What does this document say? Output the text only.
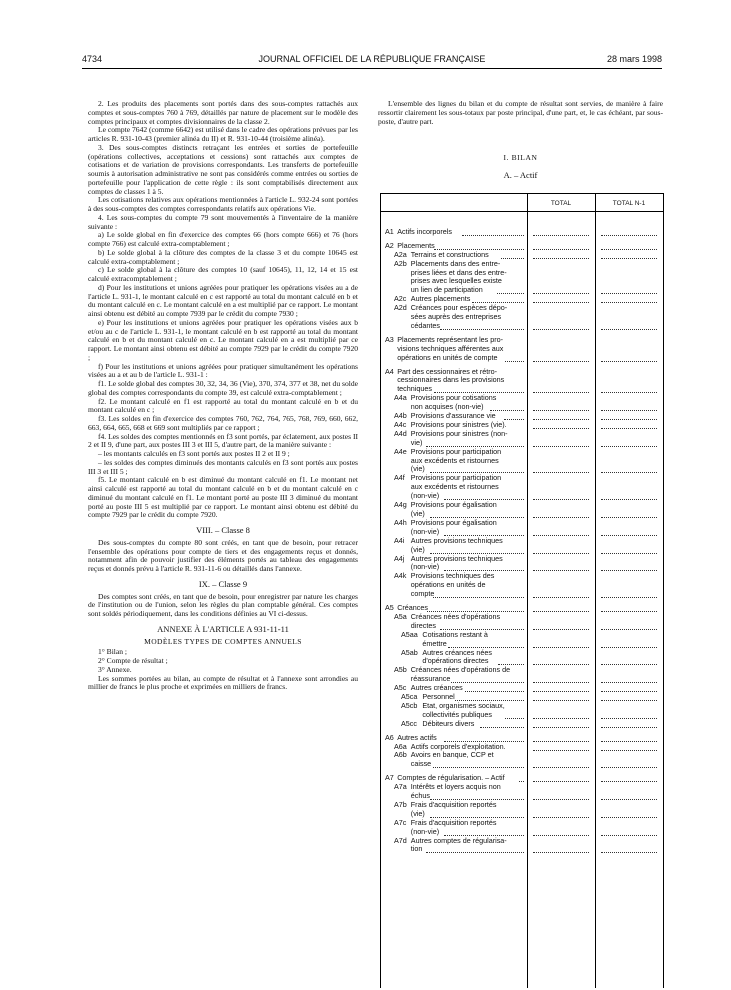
4734	JOURNAL OFFICIEL DE LA RÉPUBLIQUE FRANÇAISE	28 mars 1998

2. Les produits des placements sont portés dans des sous-comptes rattachés aux comptes et sous-comptes 760 à 769, détaillés par nature de placement sur le modèle des comptes principaux et comptes divisionnaires de la classe 2.

Le compte 7642 (comme 6642) est utilisé dans le cadre des opérations prévues par les articles R. 931-10-43 (premier alinéa du II) et R. 931-10-44 (troisième alinéa).

3. Des sous-comptes distincts retraçant les entrées et sorties de portefeuille (opérations collectives, acceptations et cessions) sont rattachés aux comptes de cotisations et de variation de provisions correspondants. Les transferts de portefeuille soumis à autorisation administrative ne sont pas considérés comme entrées ou sorties de portefeuille pour l'application de cette règle : ils sont comptabilisés directement aux comptes de classes 1 à 5.

Les cotisations relatives aux opérations mentionnées à l'article L. 932-24 sont portées à des sous-comptes des comptes correspondants relatifs aux opérations Vie.

4. Les sous-comptes du compte 79 sont mouvementés à l'inventaire de la manière suivante :

a) Le solde global en fin d'exercice des comptes 66 (hors compte 666) et 76 (hors compte 766) est calculé extra-comptablement ;

b) Le solde global à la clôture des comptes de la classe 3 et du compte 10645 est calculé extra-comptablement ;

c) Le solde global à la clôture des comptes 10 (sauf 10645), 11, 12, 14 et 15 est calculé extracomptablement ;

d) Pour les institutions et unions agréées pour pratiquer les opérations visées au a de l'article L. 931-1, le montant calculé en c est rapporté au total du montant calculé en b et du montant calculé en c. Le montant calculé en a est multiplié par ce rapport. Le montant ainsi obtenu est débité au compte 7939 par le crédit du compte 7930 ;

e) Pour les institutions et unions agréées pour pratiquer les opérations visées aux b et/ou au c de l'article L. 931-1, le montant calculé en b est rapporté au total du montant calculé en b et du montant calculé en c. Le montant calculé en a est multiplié par ce rapport. Le montant ainsi obtenu est débité au compte 7929 par le crédit du compte 7920 ;

f) Pour les institutions et unions agréées pour pratiquer simultanément les opérations visées au a et au b de l'article L. 931-1 :

f1. Le solde global des comptes 30, 32, 34, 36 (Vie), 370, 374, 377 et 38, net du solde global des comptes correspondants du compte 39, est calculé extra-comptablement ;

f2. Le montant calculé en f1 est rapporté au total du montant calculé en b et du montant calculé en c ;

f3. Les soldes en fin d'exercice des comptes 760, 762, 764, 765, 768, 769, 660, 662, 663, 664, 665, 668 et 669 sont multipliés par ce rapport ;

f4. Les soldes des comptes mentionnés en f3 sont portés, par éclatement, aux postes II 2 et II 9, d'une part, aux postes III 3 et III 5, d'autre part, de la manière suivante :

– les montants calculés en f3 sont portés aux postes II 2 et II 9 ;

– les soldes des comptes diminués des montants calculés en f3 sont portés aux postes III 3 et III 5 ;

f5. Le montant calculé en b est diminué du montant calculé en f1. Le montant net ainsi calculé est rapporté au total du montant calculé en b et du montant calculé en c diminué du montant calculé en f1. Le montant porté au poste III 3 diminué du montant porté au poste III 5 est multiplié par ce rapport. Le montant ainsi obtenu est débité du compte 7929 par le crédit du compte 7920.

VIII. – Classe 8

Des sous-comptes du compte 80 sont créés, en tant que de besoin, pour retracer l'ensemble des opérations pour compte de tiers et des engagements reçus et donnés, notamment afin de pouvoir justifier des éléments portés au tableau des engagements reçus et donnés prévu à l'article R. 931-11-6 ou détaillés dans l'annexe.

IX. – Classe 9

Des comptes sont créés, en tant que de besoin, pour enregistrer par nature les charges de l'institution ou de l'union, selon les règles du plan comptable général. Ces comptes sont soldés périodiquement, dans les conditions définies au VI ci-dessus.

ANNEXE À L'ARTICLE A 931-11-11
MODÈLES TYPES DE COMPTES ANNUELS

1° Bilan ;

2° Compte de résultat ;

3° Annexe.

Les sommes portées au bilan, au compte de résultat et à l'annexe sont arrondies au millier de francs le plus proche et exprimées en milliers de francs.

L'ensemble des lignes du bilan et du compte de résultat sont servies, de manière à faire ressortir clairement les sous-totaux par poste principal, d'une part, et, le cas échéant, par sous-poste, d'autre part.

I. BILAN
A. – Actif
TOTAL	TOTAL N-1
A1 Actifs incorporels
A2 Placements
A2a Terrains et constructions
A2b Placements dans des entre-
prises liées et dans des entre-
prises avec lesquelles existe
un lien de participation
A2c Autres placements
A2d Créances pour espèces dépo-
sées auprès des entreprises
cédantes
A3 Placements représentant les pro-
visions techniques afférentes aux
opérations en unités de compte
A4 Part des cessionnaires et rétro-
cessionnaires dans les provisions
techniques
A4a Provisions pour cotisations
non acquises (non-vie)
A4b Provisions d'assurance vie
A4c Provisions pour sinistres (vie).
A4d Provisions pour sinistres (non-
vie)
A4e Provisions pour participation
aux excédents et ristournes
(vie)
A4f Provisions pour participation
aux excédents et ristournes
(non-vie)
A4g Provisions pour égalisation
(vie)
A4h Provisions pour égalisation
(non-vie)
A4i Autres provisions techniques
(vie)
A4j Autres provisions techniques
(non-vie)
A4k Provisions techniques des
opérations en unités de
compte
A5 Créances
A5a Créances nées d'opérations
directes
A5aa Cotisations restant à
émettre
A5ab Autres créances nées
d'opérations directes
A5b Créances nées d'opérations de
réassurance
A5c Autres créances
A5ca Personnel
A5cb Etat, organismes sociaux,
collectivités publiques
A5cc Débiteurs divers
A6 Autres actifs
A6a Actifs corporels d'exploitation.
A6b Avoirs en banque, CCP et
caisse
A7 Comptes de régularisation. – Actif
A7a Intérêts et loyers acquis non
échus
A7b Frais d'acquisition reportés
(vie)
A7c Frais d'acquisition reportés
(non-vie)
A7d Autres comptes de régularisa-
tion
